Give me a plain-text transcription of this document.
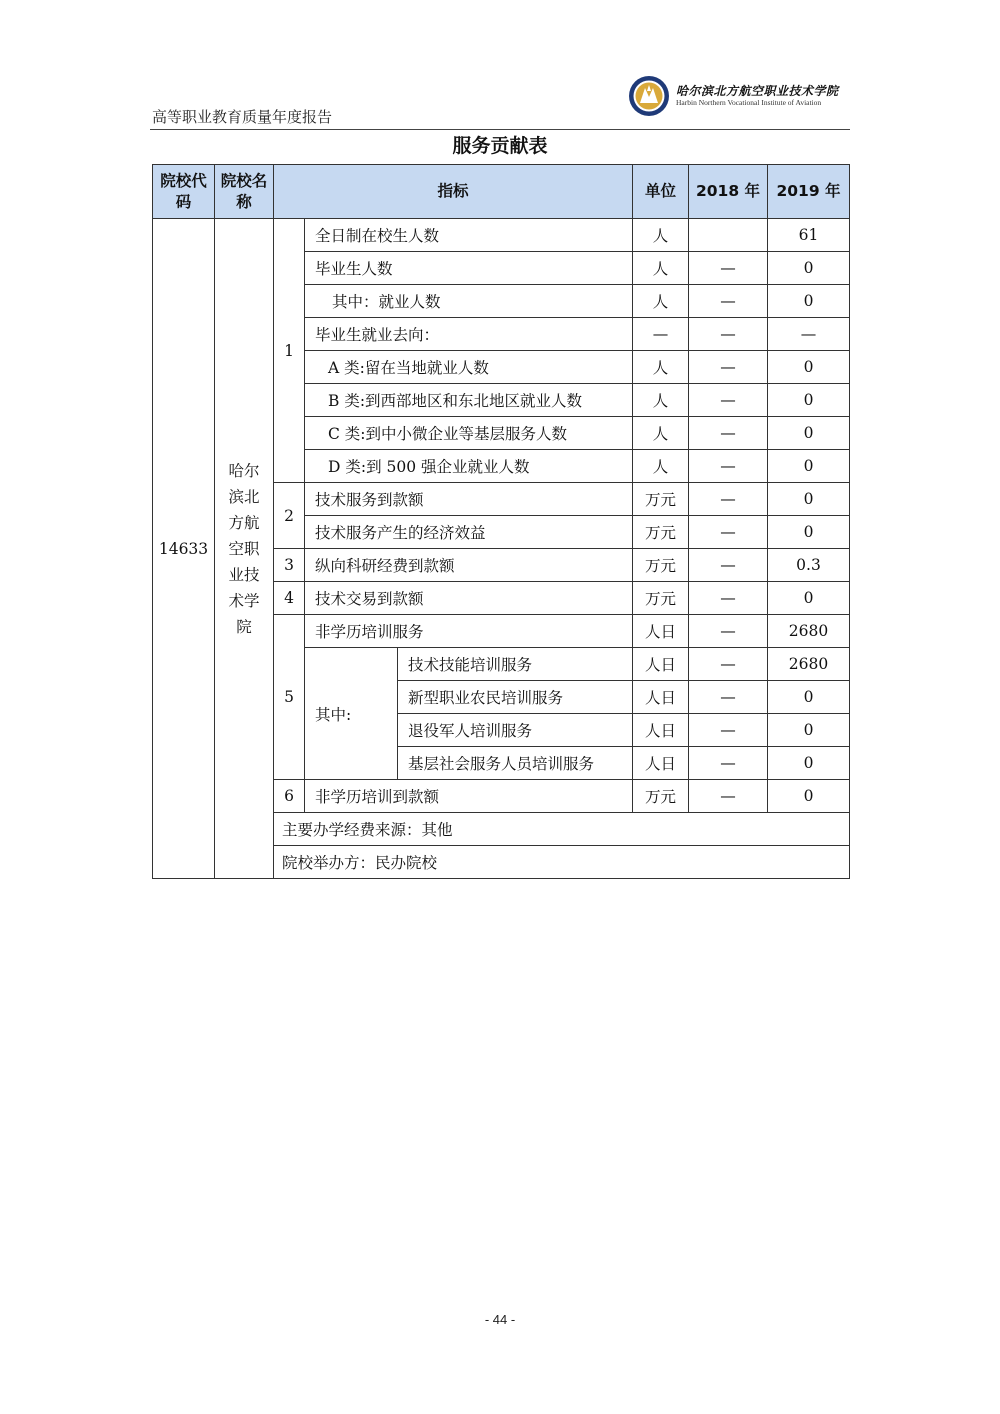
高等职业教育质量年度报告
哈尔滨北方航空职业技术学院
Harbin Northern Vocational Institute of Aviation
服务贡献表
院校代码	院校名称	指标			单位	2018 年	2019 年
14633	哈尔滨北方航空职业技术学院	1	全日制在校生人数		人		61
			毕业生人数		人	—	0
			其中：就业人数		人	—	0
			毕业生就业去向：		—	—	—
			A 类:留在当地就业人数		人	—	0
			B 类:到西部地区和东北地区就业人数		人	—	0
			C 类:到中小微企业等基层服务人数		人	—	0
			D 类:到 500 强企业就业人数		人	—	0
		2	技术服务到款额		万元	—	0
			技术服务产生的经济效益		万元	—	0
		3	纵向科研经费到款额		万元	—	0.3
		4	技术交易到款额		万元	—	0
		5	非学历培训服务		人日	—	2680
			其中:	技术技能培训服务	人日	—	2680
				新型职业农民培训服务	人日	—	0
				退役军人培训服务	人日	—	0
				基层社会服务人员培训服务	人日	—	0
		6	非学历培训到款额		万元	—	0
		主要办学经费来源：其他					
		院校举办方：民办院校					
- 44 -
